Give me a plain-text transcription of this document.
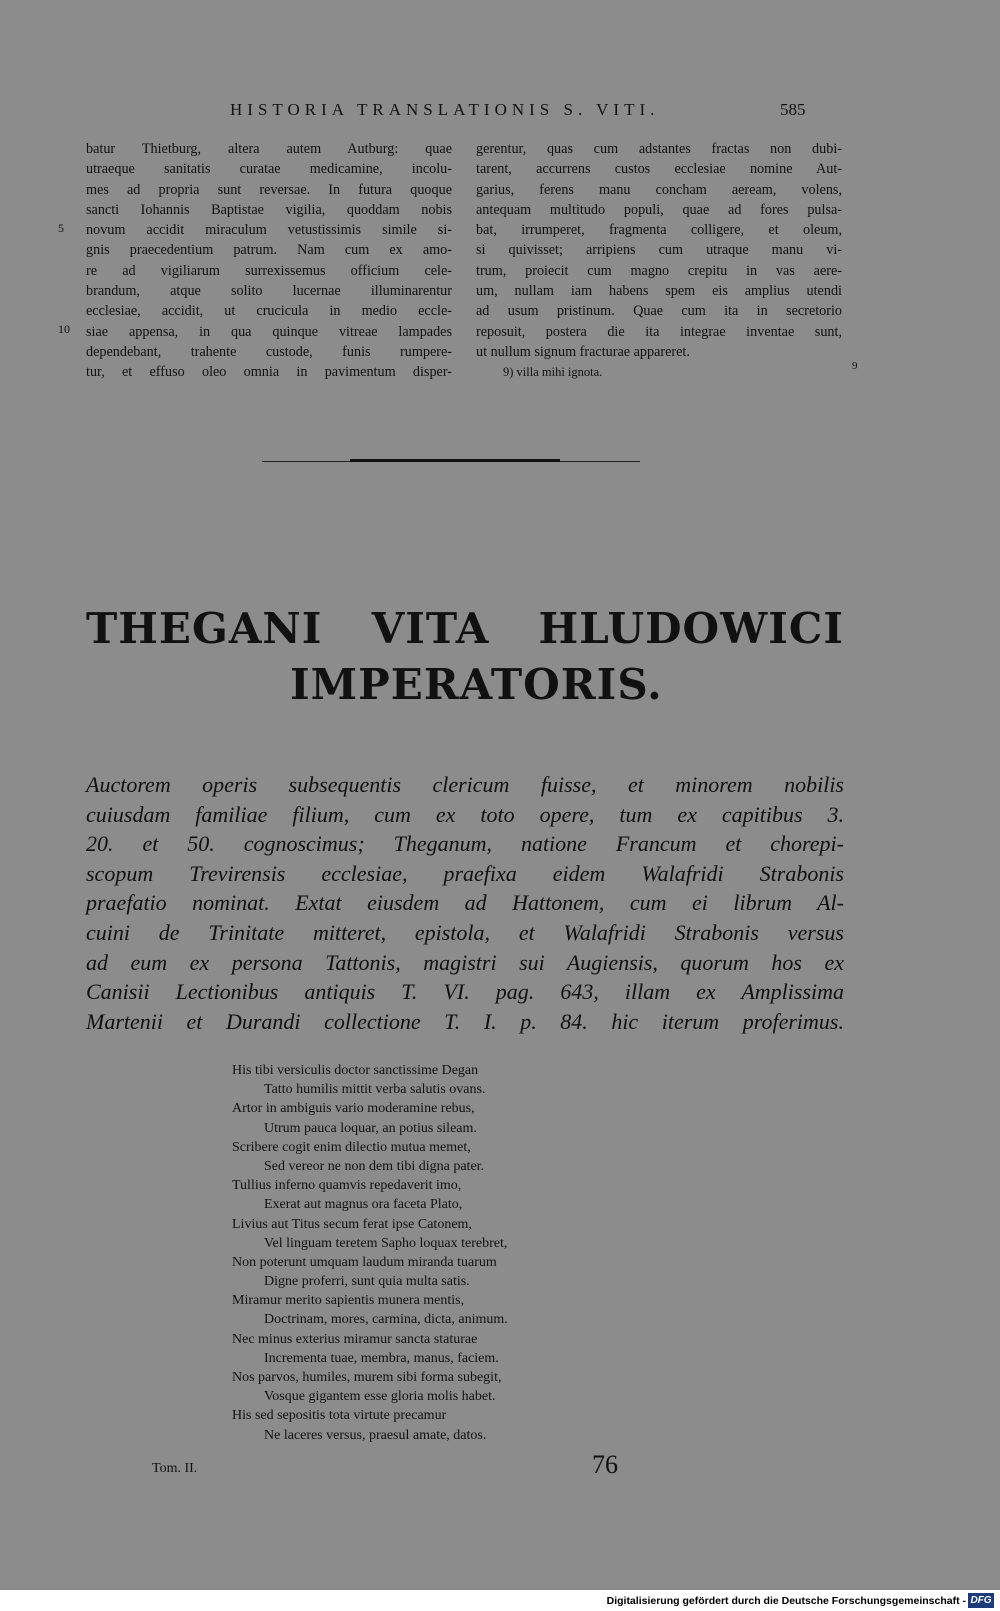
HISTORIA TRANSLATIONIS S. VITI.	585
batur Thietburg, altera autem Autburg: quae
utraeque sanitatis curatae medicamine, incolu-
mes ad propria sunt reversae. In futura quoque
sancti Iohannis Baptistae vigilia, quoddam nobis
novum accidit miraculum vetustissimis simile si-
gnis praecedentium patrum. Nam cum ex amo-
re ad vigiliarum surrexissemus officium cele-
brandum, atque solito lucernae illuminarentur
ecclesiae, accidit, ut crucicula in medio eccle-
siae appensa, in qua quinque vitreae lampades
dependebant, trahente custode, funis rumpere-
tur, et effuso oleo omnia in pavimentum disper-
5
10
gerentur, quas cum adstantes fractas non dubi-
tarent, accurrens custos ecclesiae nomine Aut-
garius, ferens manu concham aeream, volens,
antequam multitudo populi, quae ad fores pulsa-
bat, irrumperet, fragmenta colligere, et oleum,
si quivisset; arripiens cum utraque manu vi-
trum, proiecit cum magno crepitu in vas aere-
um, nullam iam habens spem eis amplius utendi
ad usum pristinum. Quae cum ita in secretorio
reposuit, postera die ita integrae inventae sunt,
ut nullum signum fracturae appareret.
9) villa mihi ignota.	9
THEGANI VITA HLUDOWICI
IMPERATORIS.
Auctorem operis subsequentis clericum fuisse, et minorem nobilis
cuiusdam familiae filium, cum ex toto opere, tum ex capitibus 3.
20. et 50. cognoscimus; Theganum, natione Francum et chorepi-
scopum Trevirensis ecclesiae, praefixa eidem Walafridi Strabonis
praefatio nominat. Extat eiusdem ad Hattonem, cum ei librum Al-
cuini de Trinitate mitteret, epistola, et Walafridi Strabonis versus
ad eum ex persona Tattonis, magistri sui Augiensis, quorum hos ex
Canisii Lectionibus antiquis T. VI. pag. 643, illam ex Amplissima
Martenii et Durandi collectione T. I. p. 84. hic iterum proferimus.
His tibi versiculis doctor sanctissime Degan
Tatto humilis mittit verba salutis ovans.
Artor in ambiguis vario moderamine rebus,
Utrum pauca loquar, an potius sileam.
Scribere cogit enim dilectio mutua memet,
Sed vereor ne non dem tibi digna pater.
Tullius inferno quamvis repedaverit imo,
Exerat aut magnus ora faceta Plato,
Livius aut Titus secum ferat ipse Catonem,
Vel linguam teretem Sapho loquax terebret,
Non poterunt umquam laudum miranda tuarum
Digne proferri, sunt quia multa satis.
Miramur merito sapientis munera mentis,
Doctrinam, mores, carmina, dicta, animum.
Nec minus exterius miramur sancta staturae
Incrementa tuae, membra, manus, faciem.
Nos parvos, humiles, murem sibi forma subegit,
Vosque gigantem esse gloria molis habet.
His sed sepositis tota virtute precamur
Ne laceres versus, praesul amate, datos.
Tom. II.	76
Digitalisierung gefördert durch die Deutsche Forschungsgemeinschaft - DFG
